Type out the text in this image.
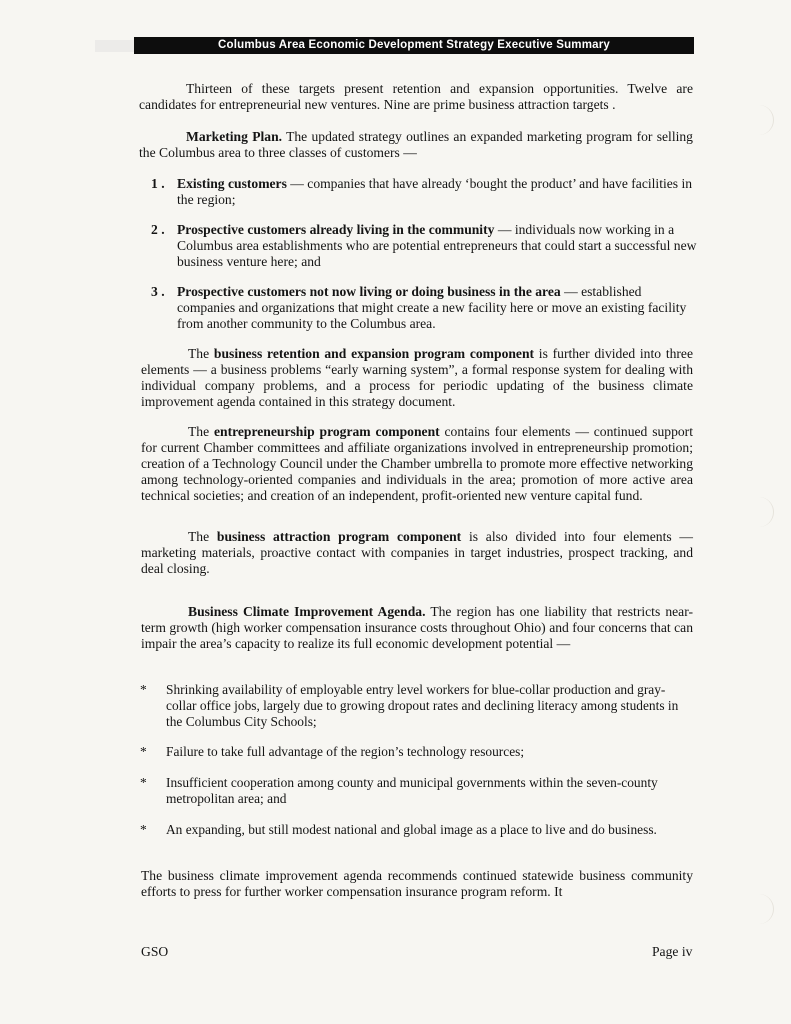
Columbus Area Economic Development Strategy Executive Summary
Thirteen of these targets present retention and expansion opportunities. Twelve are candidates for entrepreneurial new ventures. Nine are prime business attraction targets .
Marketing Plan. The updated strategy outlines an expanded marketing program for selling the Columbus area to three classes of customers —
1 . Existing customers — companies that have already ‘bought the product’ and have facilities in the region;
2 . Prospective customers already living in the community — individuals now working in a Columbus area establishments who are potential entrepreneurs that could start a successful new business venture here; and
3 . Prospective customers not now living or doing business in the area — established companies and organizations that might create a new facility here or move an existing facility from another community to the Columbus area.
The business retention and expansion program component is further divided into three elements — a business problems “early warning system”, a formal response system for dealing with individual company problems, and a process for periodic updating of the business climate improvement agenda contained in this strategy document.
The entrepreneurship program component contains four elements — continued support for current Chamber committees and affiliate organizations involved in entrepreneurship promotion; creation of a Technology Council under the Chamber umbrella to promote more effective networking among technology-oriented companies and individuals in the area; promotion of more active area technical societies; and creation of an independent, profit-oriented new venture capital fund.
The business attraction program component is also divided into four elements — marketing materials, proactive contact with companies in target industries, prospect tracking, and deal closing.
Business Climate Improvement Agenda. The region has one liability that restricts near-term growth (high worker compensation insurance costs throughout Ohio) and four concerns that can impair the area’s capacity to realize its full economic development potential —
* Shrinking availability of employable entry level workers for blue-collar production and gray-collar office jobs, largely due to growing dropout rates and declining literacy among students in the Columbus City Schools;
* Failure to take full advantage of the region’s technology resources;
* Insufficient cooperation among county and municipal governments within the seven-county metropolitan area; and
* An expanding, but still modest national and global image as a place to live and do business.
The business climate improvement agenda recommends continued statewide business community efforts to press for further worker compensation insurance program reform. It
GSO	Page iv
